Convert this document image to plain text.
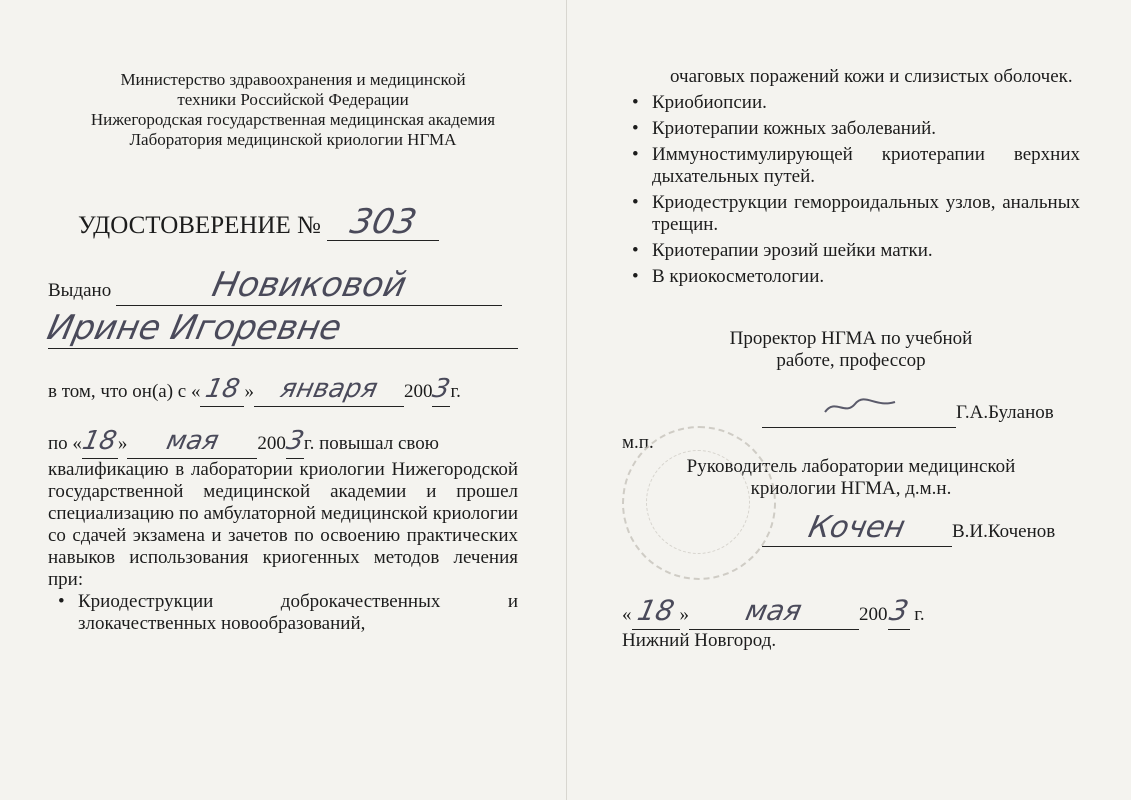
Министерство здравоохранения и медицинской
техники Российской Федерации
Нижегородская государственная медицинская академия
Лаборатория медицинской криологии НГМА
УДОСТОВЕРЕНИЕ № 303
Выдано	Новиковой
Ирине Игоревне
в том, что он(а) с «18 » января 2003г.
по «18» мая 2003г. повышал свою
квалификацию в лаборатории криологии Нижегородской государственной медицинской академии и прошел специализацию по амбулаторной медицинской криологии со сдачей экзамена и зачетов по освоению практических навыков использования криогенных методов лечения при:
• Криодеструкции доброкачественных и злокачественных новообразований,
очаговых поражений кожи и слизистых оболочек.
• Криобиопсии.
• Криотерапии кожных заболеваний.
• Иммуностимулирующей криотерапии верхних дыхательных путей.
• Криодеструкции геморроидальных узлов, анальных трещин.
• Криотерапии эрозий шейки матки.
• В криокосметологии.
Проректор НГМА по учебной
работе, профессор
Г.А.Буланов
м.п.
Руководитель лаборатории медицинской
криологии НГМА, д.м.н.
Кочен В.И.Коченов
«18 » мая	2003 г.
Нижний Новгород.
